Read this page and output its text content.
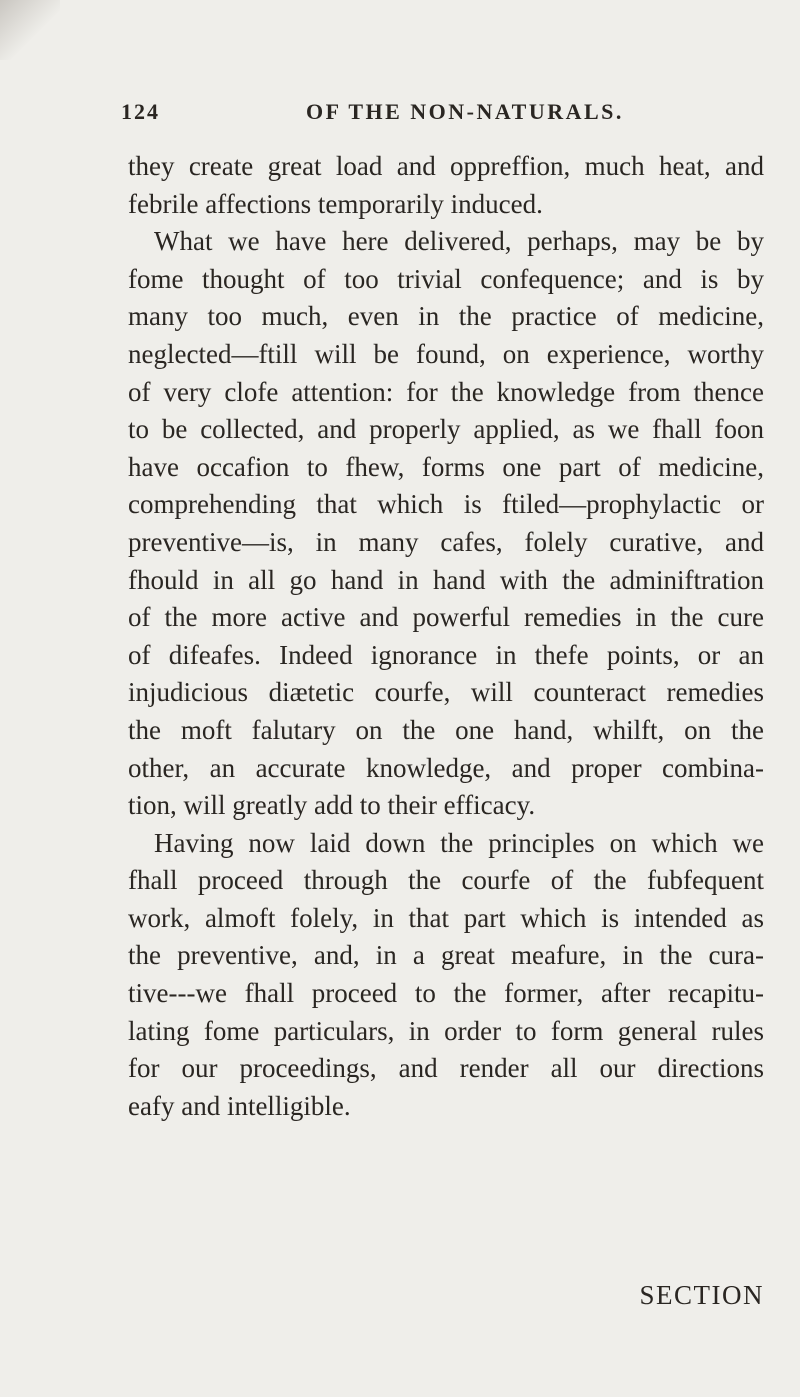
124	OF THE NON-NATURALS.
they create great load and oppreffion, much heat, and
febrile affections temporarily induced.
What we have here delivered, perhaps, may be by
fome thought of too trivial confequence; and is by
many too much, even in the practice of medicine,
neglected—ftill will be found, on experience, worthy
of very clofe attention: for the knowledge from thence
to be collected, and properly applied, as we fhall foon
have occafion to fhew, forms one part of medicine,
comprehending that which is ftiled—prophylactic or
preventive—is, in many cafes, folely curative, and
fhould in all go hand in hand with the adminiftration
of the more active and powerful remedies in the cure
of difeafes. Indeed ignorance in thefe points, or an
injudicious diætetic courfe, will counteract remedies
the moft falutary on the one hand, whilft, on the
other, an accurate knowledge, and proper combina-
tion, will greatly add to their efficacy.
Having now laid down the principles on which we
fhall proceed through the courfe of the fubfequent
work, almoft folely, in that part which is intended as
the preventive, and, in a great meafure, in the cura-
tive---we fhall proceed to the former, after recapitu-
lating fome particulars, in order to form general rules
for our proceedings, and render all our directions
eafy and intelligible.
SECTION
